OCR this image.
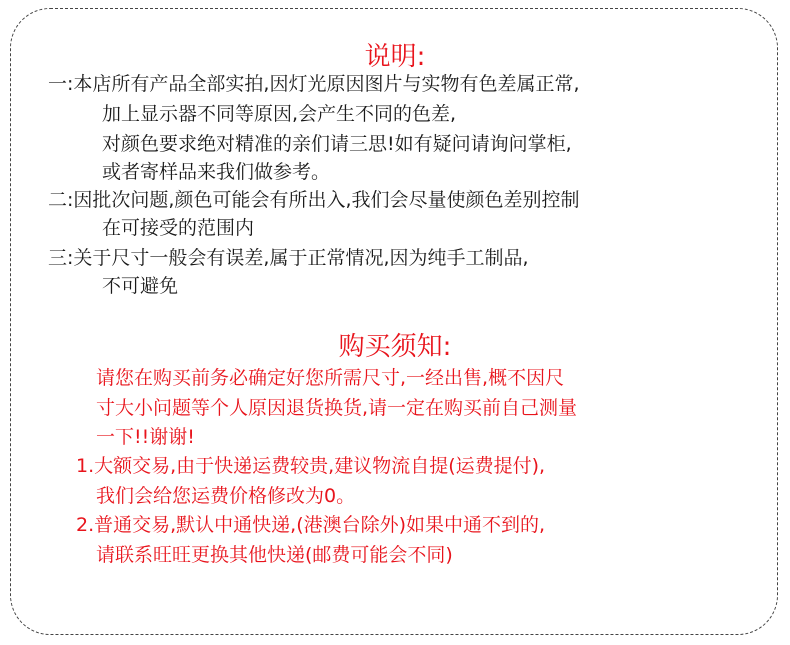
说明:
一:本店所有产品全部实拍,因灯光原因图片与实物有色差属正常,
加上显示器不同等原因,会产生不同的色差,
对颜色要求绝对精准的亲们请三思!如有疑问请询问掌柜,
或者寄样品来我们做参考。
二:因批次问题,颜色可能会有所出入,我们会尽量使颜色差别控制
在可接受的范围内
三:关于尺寸一般会有误差,属于正常情况,因为纯手工制品,
不可避免
购买须知:
请您在购买前务必确定好您所需尺寸,一经出售,概不因尺
寸大小问题等个人原因退货换货,请一定在购买前自己测量
一下!!谢谢!
1.大额交易,由于快递运费较贵,建议物流自提(运费提付),
我们会给您运费价格修改为0。
2.普通交易,默认中通快递,(港澳台除外)如果中通不到的,
请联系旺旺更换其他快递(邮费可能会不同)
